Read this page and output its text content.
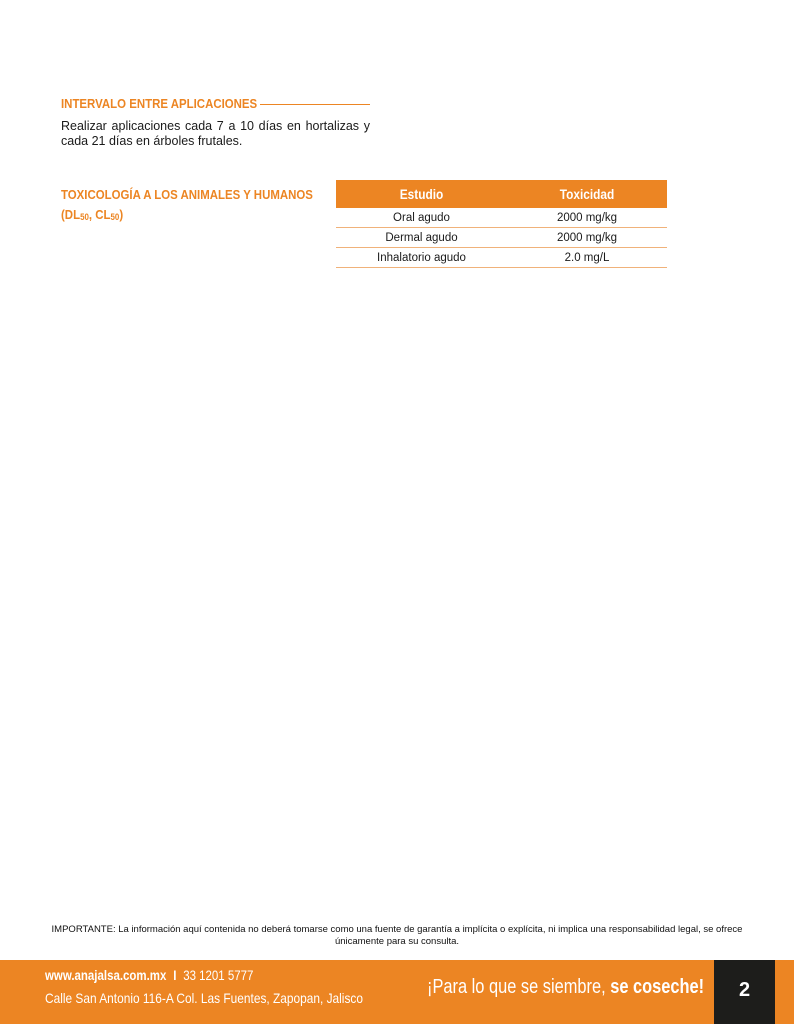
INTERVALO ENTRE APLICACIONES
Realizar aplicaciones cada 7 a 10 días en hortalizas y cada 21 días en árboles frutales.
TOXICOLOGÍA A LOS ANIMALES Y HUMANOS
($DL_{50}$, $CL_{50}$)
Estudio	Toxicidad
Oral agudo	2000 mg/kg
Dermal agudo	2000 mg/kg
Inhalatorio agudo	2.0 mg/L
IMPORTANTE: La información aquí contenida no deberá tomarse como una fuente de garantía a implícita o explícita, ni implica una responsabilidad legal, se ofrece únicamente para su consulta.
www.anajalsa.com.mx I 33 1201 5777
Calle San Antonio 116-A Col. Las Fuentes, Zapopan, Jalisco	¡Para lo que se siembre, se coseche!	2
